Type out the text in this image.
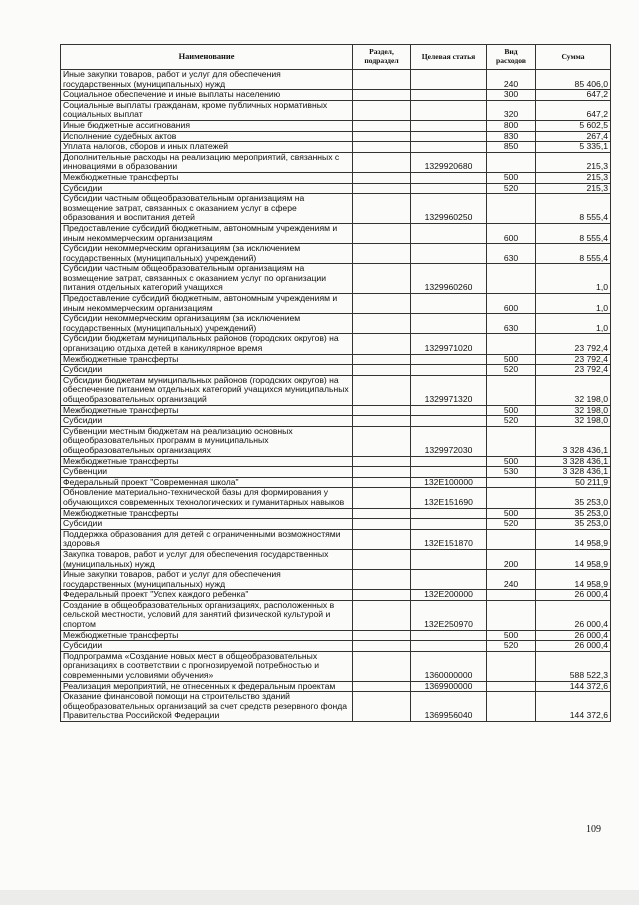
Наименование	Раздел, подраздел	Целевая статья	Вид расходов	Сумма
Иные закупки товаров, работ и услуг для обеспечения государственных (муниципальных) нужд			240	85 406,0
Социальное обеспечение и иные выплаты населению			300	647,2
Социальные выплаты гражданам, кроме публичных нормативных социальных выплат			320	647,2
Иные бюджетные ассигнования			800	5 602,5
Исполнение судебных актов			830	267,4
Уплата налогов, сборов и иных платежей			850	5 335,1
Дополнительные расходы на реализацию мероприятий, связанных с инновациями в образовании		1329920680		215,3
Межбюджетные трансферты			500	215,3
Субсидии			520	215,3
Субсидии частным общеобразовательным организациям на возмещение затрат, связанных с оказанием услуг в сфере образования и воспитания детей		1329960250		8 555,4
Предоставление субсидий бюджетным, автономным учреждениям и иным некоммерческим организациям			600	8 555,4
Субсидии некоммерческим организациям (за исключением государственных (муниципальных) учреждений)			630	8 555,4
Субсидии частным общеобразовательным организациям на возмещение затрат, связанных с оказанием услуг по организации питания отдельных категорий учащихся		1329960260		1,0
Предоставление субсидий бюджетным, автономным учреждениям и иным некоммерческим организациям			600	1,0
Субсидии некоммерческим организациям (за исключением государственных (муниципальных) учреждений)			630	1,0
Субсидии бюджетам муниципальных районов (городских округов) на организацию отдыха детей в каникулярное время		1329971020		23 792,4
Межбюджетные трансферты			500	23 792,4
Субсидии			520	23 792,4
Субсидии бюджетам муниципальных районов (городских округов) на обеспечение питанием отдельных категорий учащихся муниципальных общеобразовательных организаций		1329971320		32 198,0
Межбюджетные трансферты			500	32 198,0
Субсидии			520	32 198,0
Субвенции местным бюджетам на реализацию основных общеобразовательных программ в муниципальных общеобразовательных организациях		1329972030		3 328 436,1
Межбюджетные трансферты			500	3 328 436,1
Субвенции			530	3 328 436,1
Федеральный проект "Современная школа"		132E100000		50 211,9
Обновление материально-технической базы для формирования у обучающихся современных технологических и гуманитарных навыков		132E151690		35 253,0
Межбюджетные трансферты			500	35 253,0
Субсидии			520	35 253,0
Поддержка образования для детей с ограниченными возможностями здоровья		132E151870		14 958,9
Закупка товаров, работ и услуг для обеспечения государственных (муниципальных) нужд			200	14 958,9
Иные закупки товаров, работ и услуг для обеспечения государственных (муниципальных) нужд			240	14 958,9
Федеральный проект "Успех каждого ребенка"		132E200000		26 000,4
Создание в общеобразовательных организациях, расположенных в сельской местности, условий для занятий физической культурой и спортом		132E250970		26 000,4
Межбюджетные трансферты			500	26 000,4
Субсидии			520	26 000,4
Подпрограмма «Создание новых мест в общеобразовательных организациях в соответствии с прогнозируемой потребностью и современными условиями обучения»		1360000000		588 522,3
Реализация мероприятий, не отнесенных к федеральным проектам		1369900000		144 372,6
Оказание финансовой помощи на строительство зданий общеобразовательных организаций за счет средств резервного фонда Правительства Российской Федерации		1369956040		144 372,6
109
